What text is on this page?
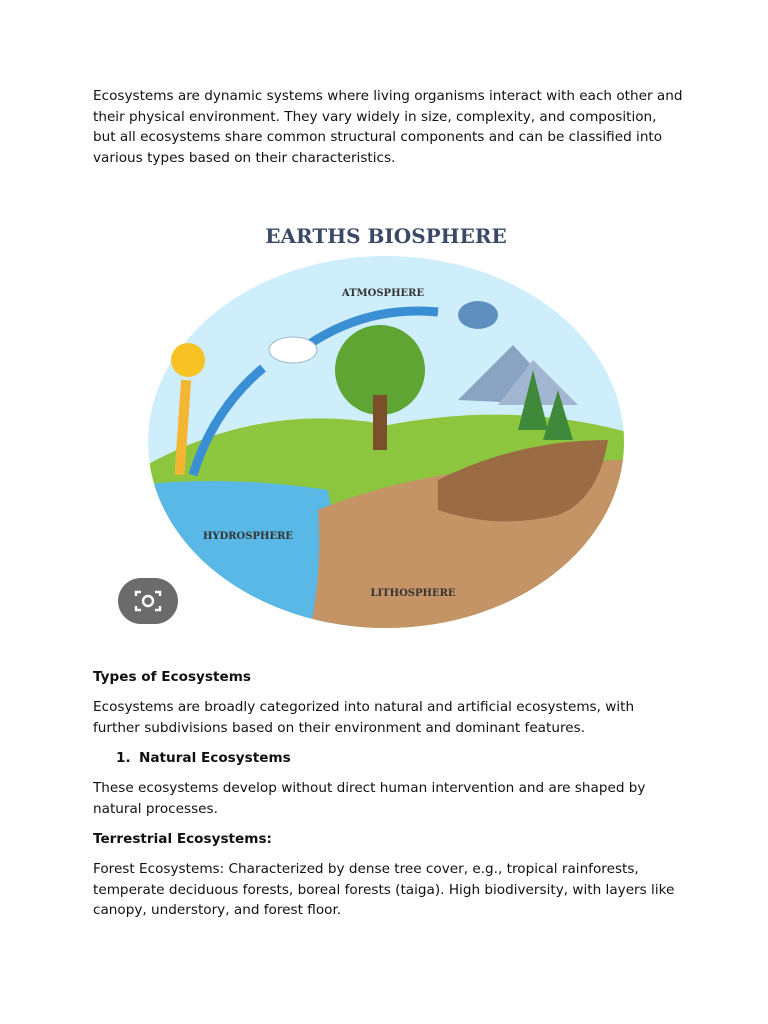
Ecosystems are dynamic systems where living organisms interact with each other and their physical environment. They vary widely in size, complexity, and composition, but all ecosystems share common structural components and can be classified into various types based on their characteristics.

EARTHS BIOSPHERE
ATMOSPHERE
HYDROSPHERE
LITHOSPHERE

Types of Ecosystems

Ecosystems are broadly categorized into natural and artificial ecosystems, with further subdivisions based on their environment and dominant features.

1. Natural Ecosystems

These ecosystems develop without direct human intervention and are shaped by natural processes.

Terrestrial Ecosystems:

Forest Ecosystems: Characterized by dense tree cover, e.g., tropical rainforests, temperate deciduous forests, boreal forests (taiga). High biodiversity, with layers like canopy, understory, and forest floor.
